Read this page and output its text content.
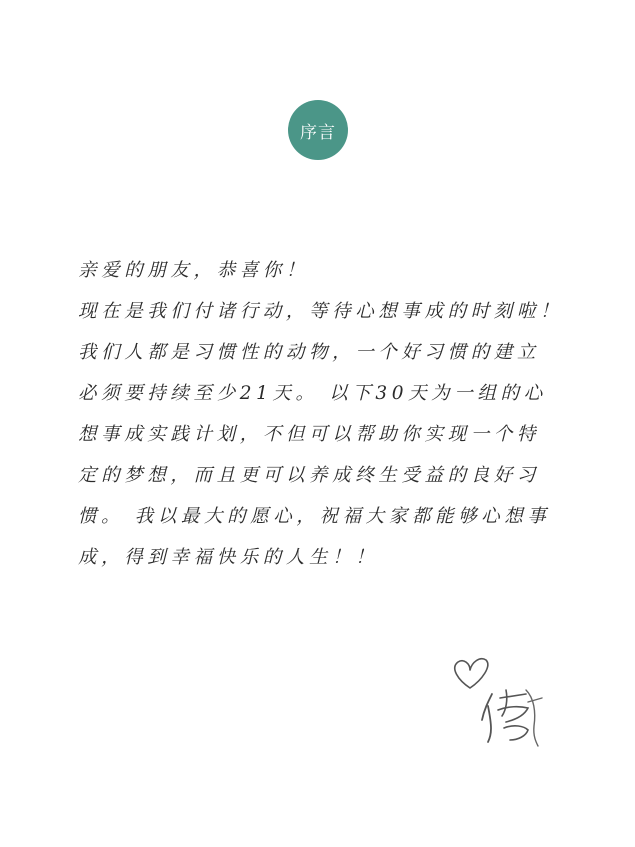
序言
亲爱的朋友，恭喜你！
现在是我们付诸行动，等待心想事成的时刻啦！
我们人都是习惯性的动物，一个好习惯的建立
必须要持续至少21天。 以下30天为一组的心
想事成实践计划，不但可以帮助你实现一个特
定的梦想，而且更可以养成终生受益的良好习
惯。 我以最大的愿心，祝福大家都能够心想事
成，得到幸福快乐的人生！！
